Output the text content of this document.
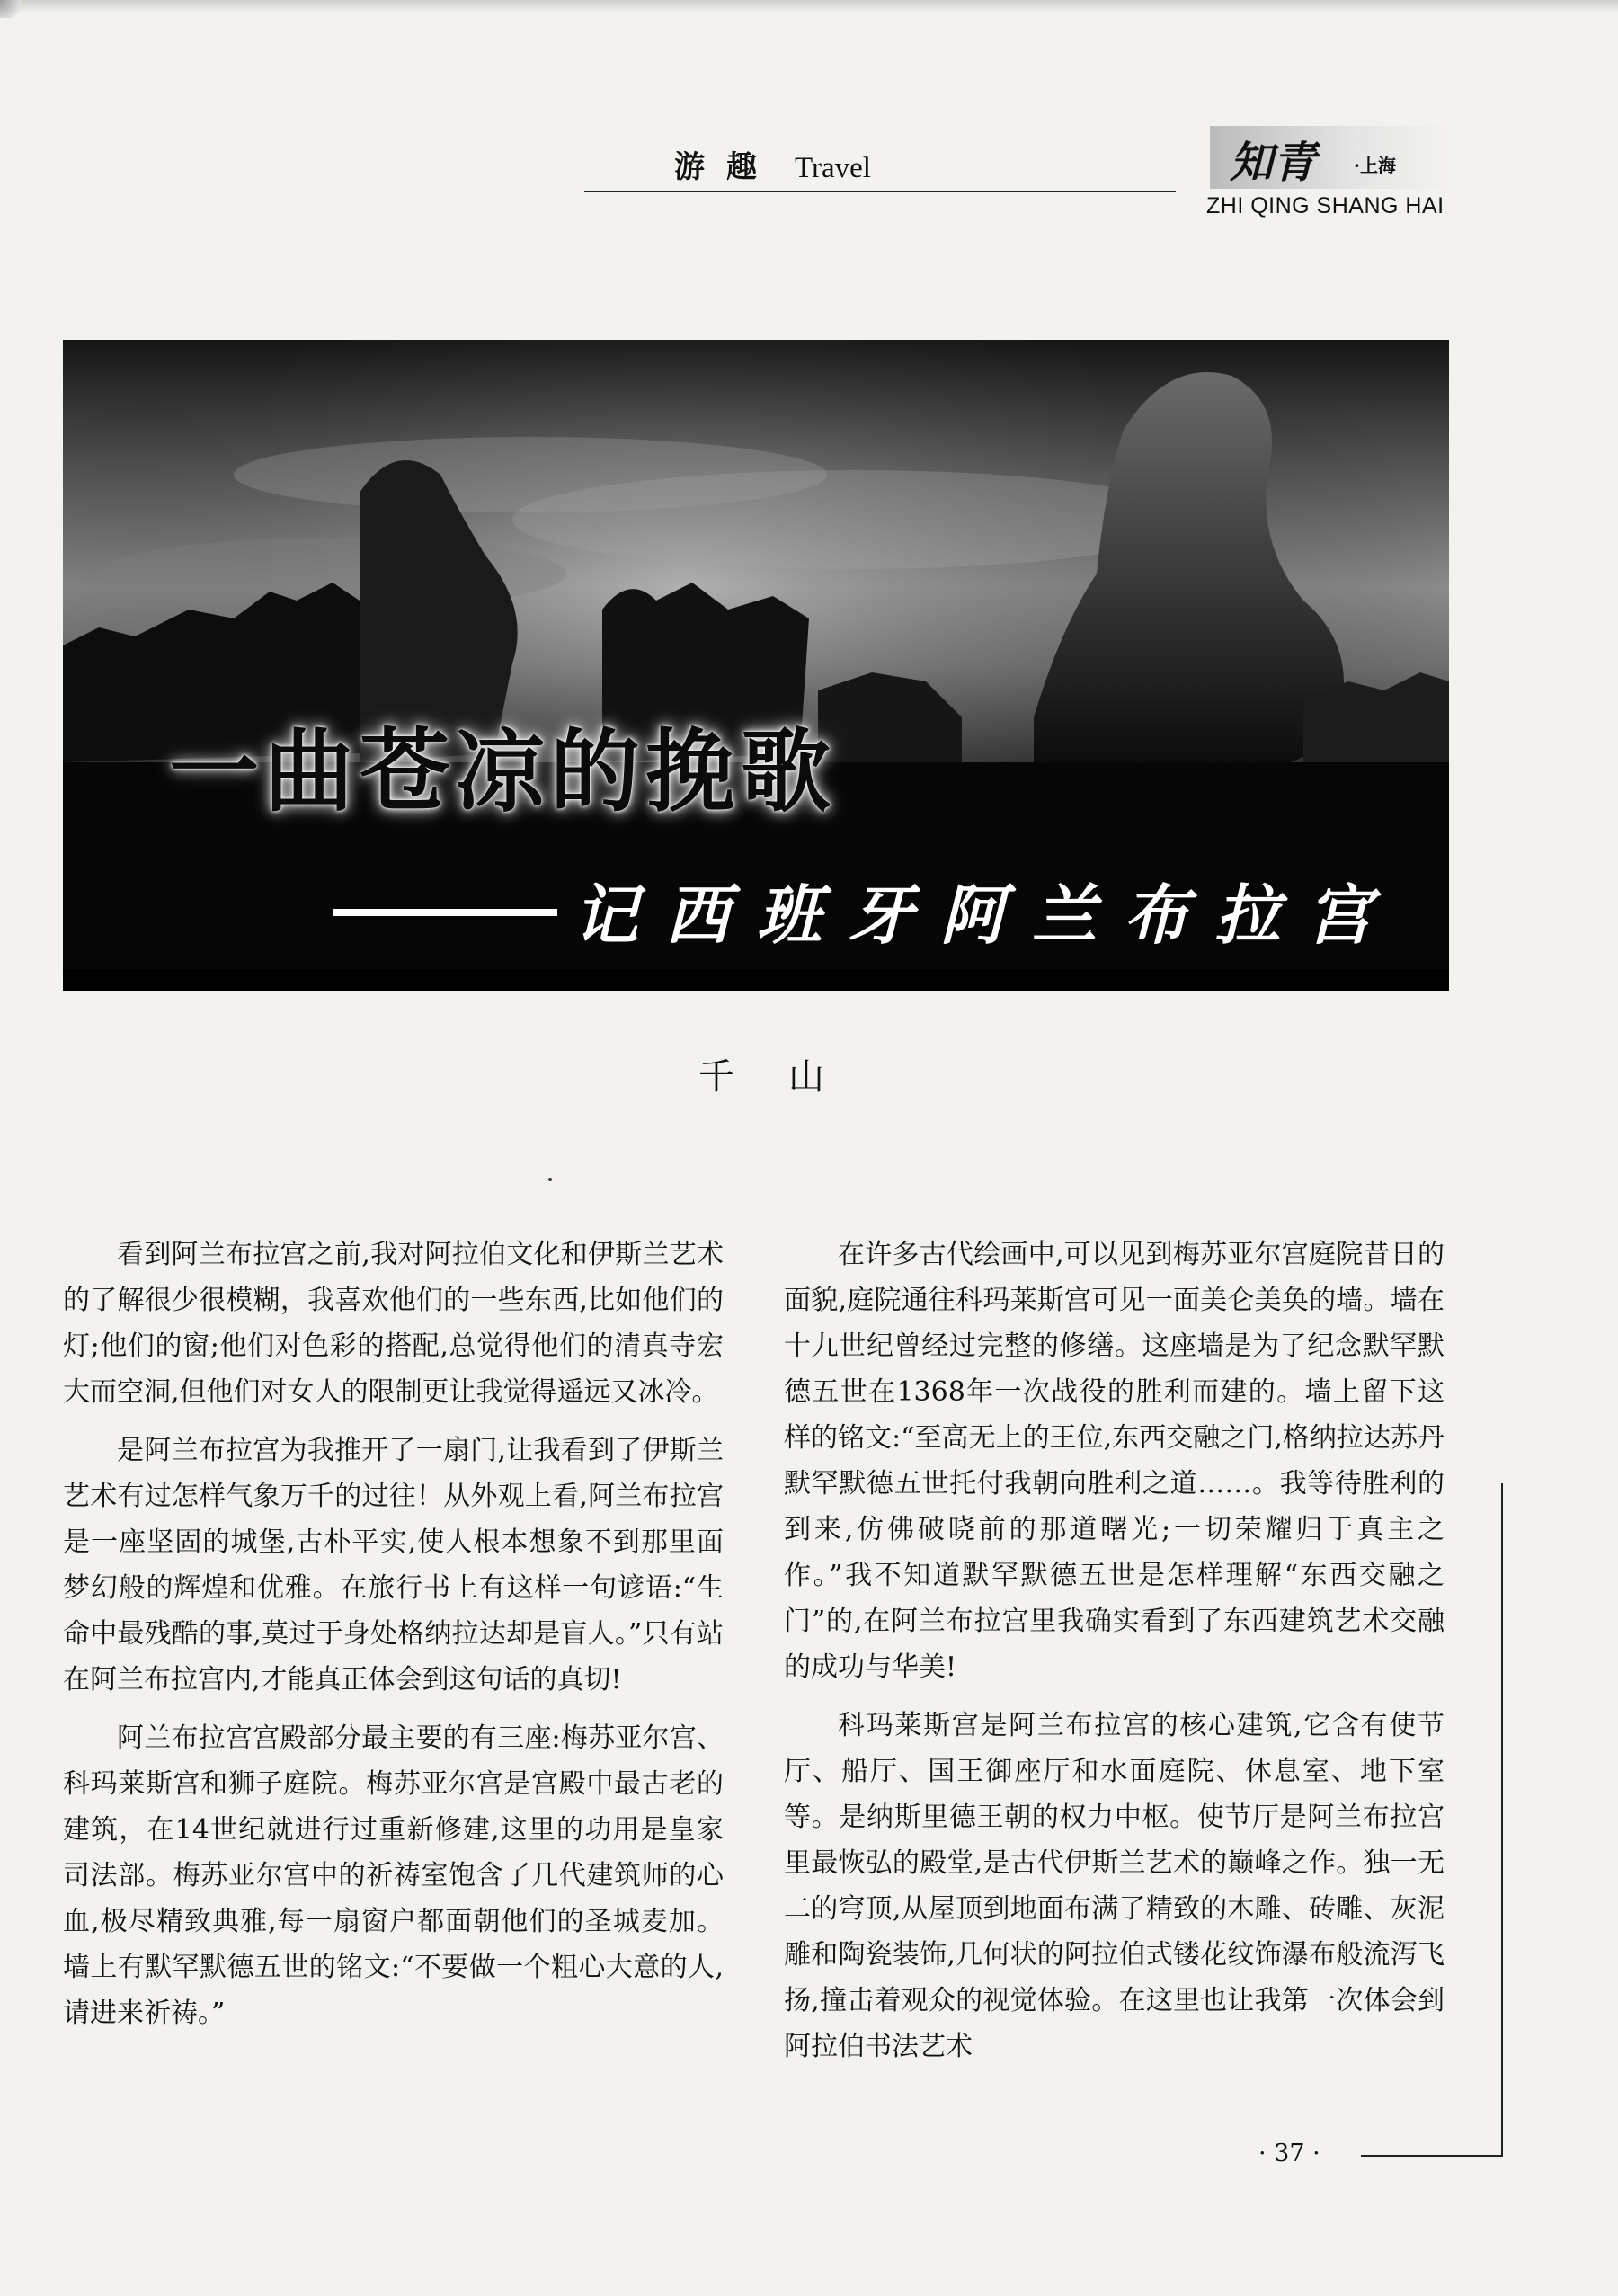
游趣 Travel	知青 ·上海
ZHI QING SHANG HAI
一曲苍凉的挽歌
记西班牙阿兰布拉宫
千山

看到阿兰布拉宫之前,我对阿拉伯文化和伊斯兰艺术的了解很少很模糊，我喜欢他们的一些东西,比如他们的灯;他们的窗;他们对色彩的搭配,总觉得他们的清真寺宏大而空洞,但他们对女人的限制更让我觉得遥远又冰冷。

是阿兰布拉宫为我推开了一扇门,让我看到了伊斯兰艺术有过怎样气象万千的过往！从外观上看,阿兰布拉宫是一座坚固的城堡,古朴平实,使人根本想象不到那里面梦幻般的辉煌和优雅。在旅行书上有这样一句谚语:“生命中最残酷的事,莫过于身处格纳拉达却是盲人。”只有站在阿兰布拉宫内,才能真正体会到这句话的真切!

阿兰布拉宫宫殿部分最主要的有三座:梅苏亚尔宫、科玛莱斯宫和狮子庭院。梅苏亚尔宫是宫殿中最古老的建筑，在14世纪就进行过重新修建,这里的功用是皇家司法部。梅苏亚尔宫中的祈祷室饱含了几代建筑师的心血,极尽精致典雅,每一扇窗户都面朝他们的圣城麦加。墙上有默罕默德五世的铭文:“不要做一个粗心大意的人,请进来祈祷。”

在许多古代绘画中,可以见到梅苏亚尔宫庭院昔日的面貌,庭院通往科玛莱斯宫可见一面美仑美奂的墙。墙在十九世纪曾经过完整的修缮。这座墙是为了纪念默罕默德五世在1368年一次战役的胜利而建的。墙上留下这样的铭文:“至高无上的王位,东西交融之门,格纳拉达苏丹默罕默德五世托付我朝向胜利之道……。我等待胜利的到来,仿佛破晓前的那道曙光;一切荣耀归于真主之作。”我不知道默罕默德五世是怎样理解“东西交融之门”的,在阿兰布拉宫里我确实看到了东西建筑艺术交融的成功与华美!

科玛莱斯宫是阿兰布拉宫的核心建筑,它含有使节厅、船厅、国王御座厅和水面庭院、休息室、地下室等。是纳斯里德王朝的权力中枢。使节厅是阿兰布拉宫里最恢弘的殿堂,是古代伊斯兰艺术的巅峰之作。独一无二的穹顶,从屋顶到地面布满了精致的木雕、砖雕、灰泥雕和陶瓷装饰,几何状的阿拉伯式镂花纹饰瀑布般流泻飞扬,撞击着观众的视觉体验。在这里也让我第一次体会到阿拉伯书法艺术

· 37 ·
